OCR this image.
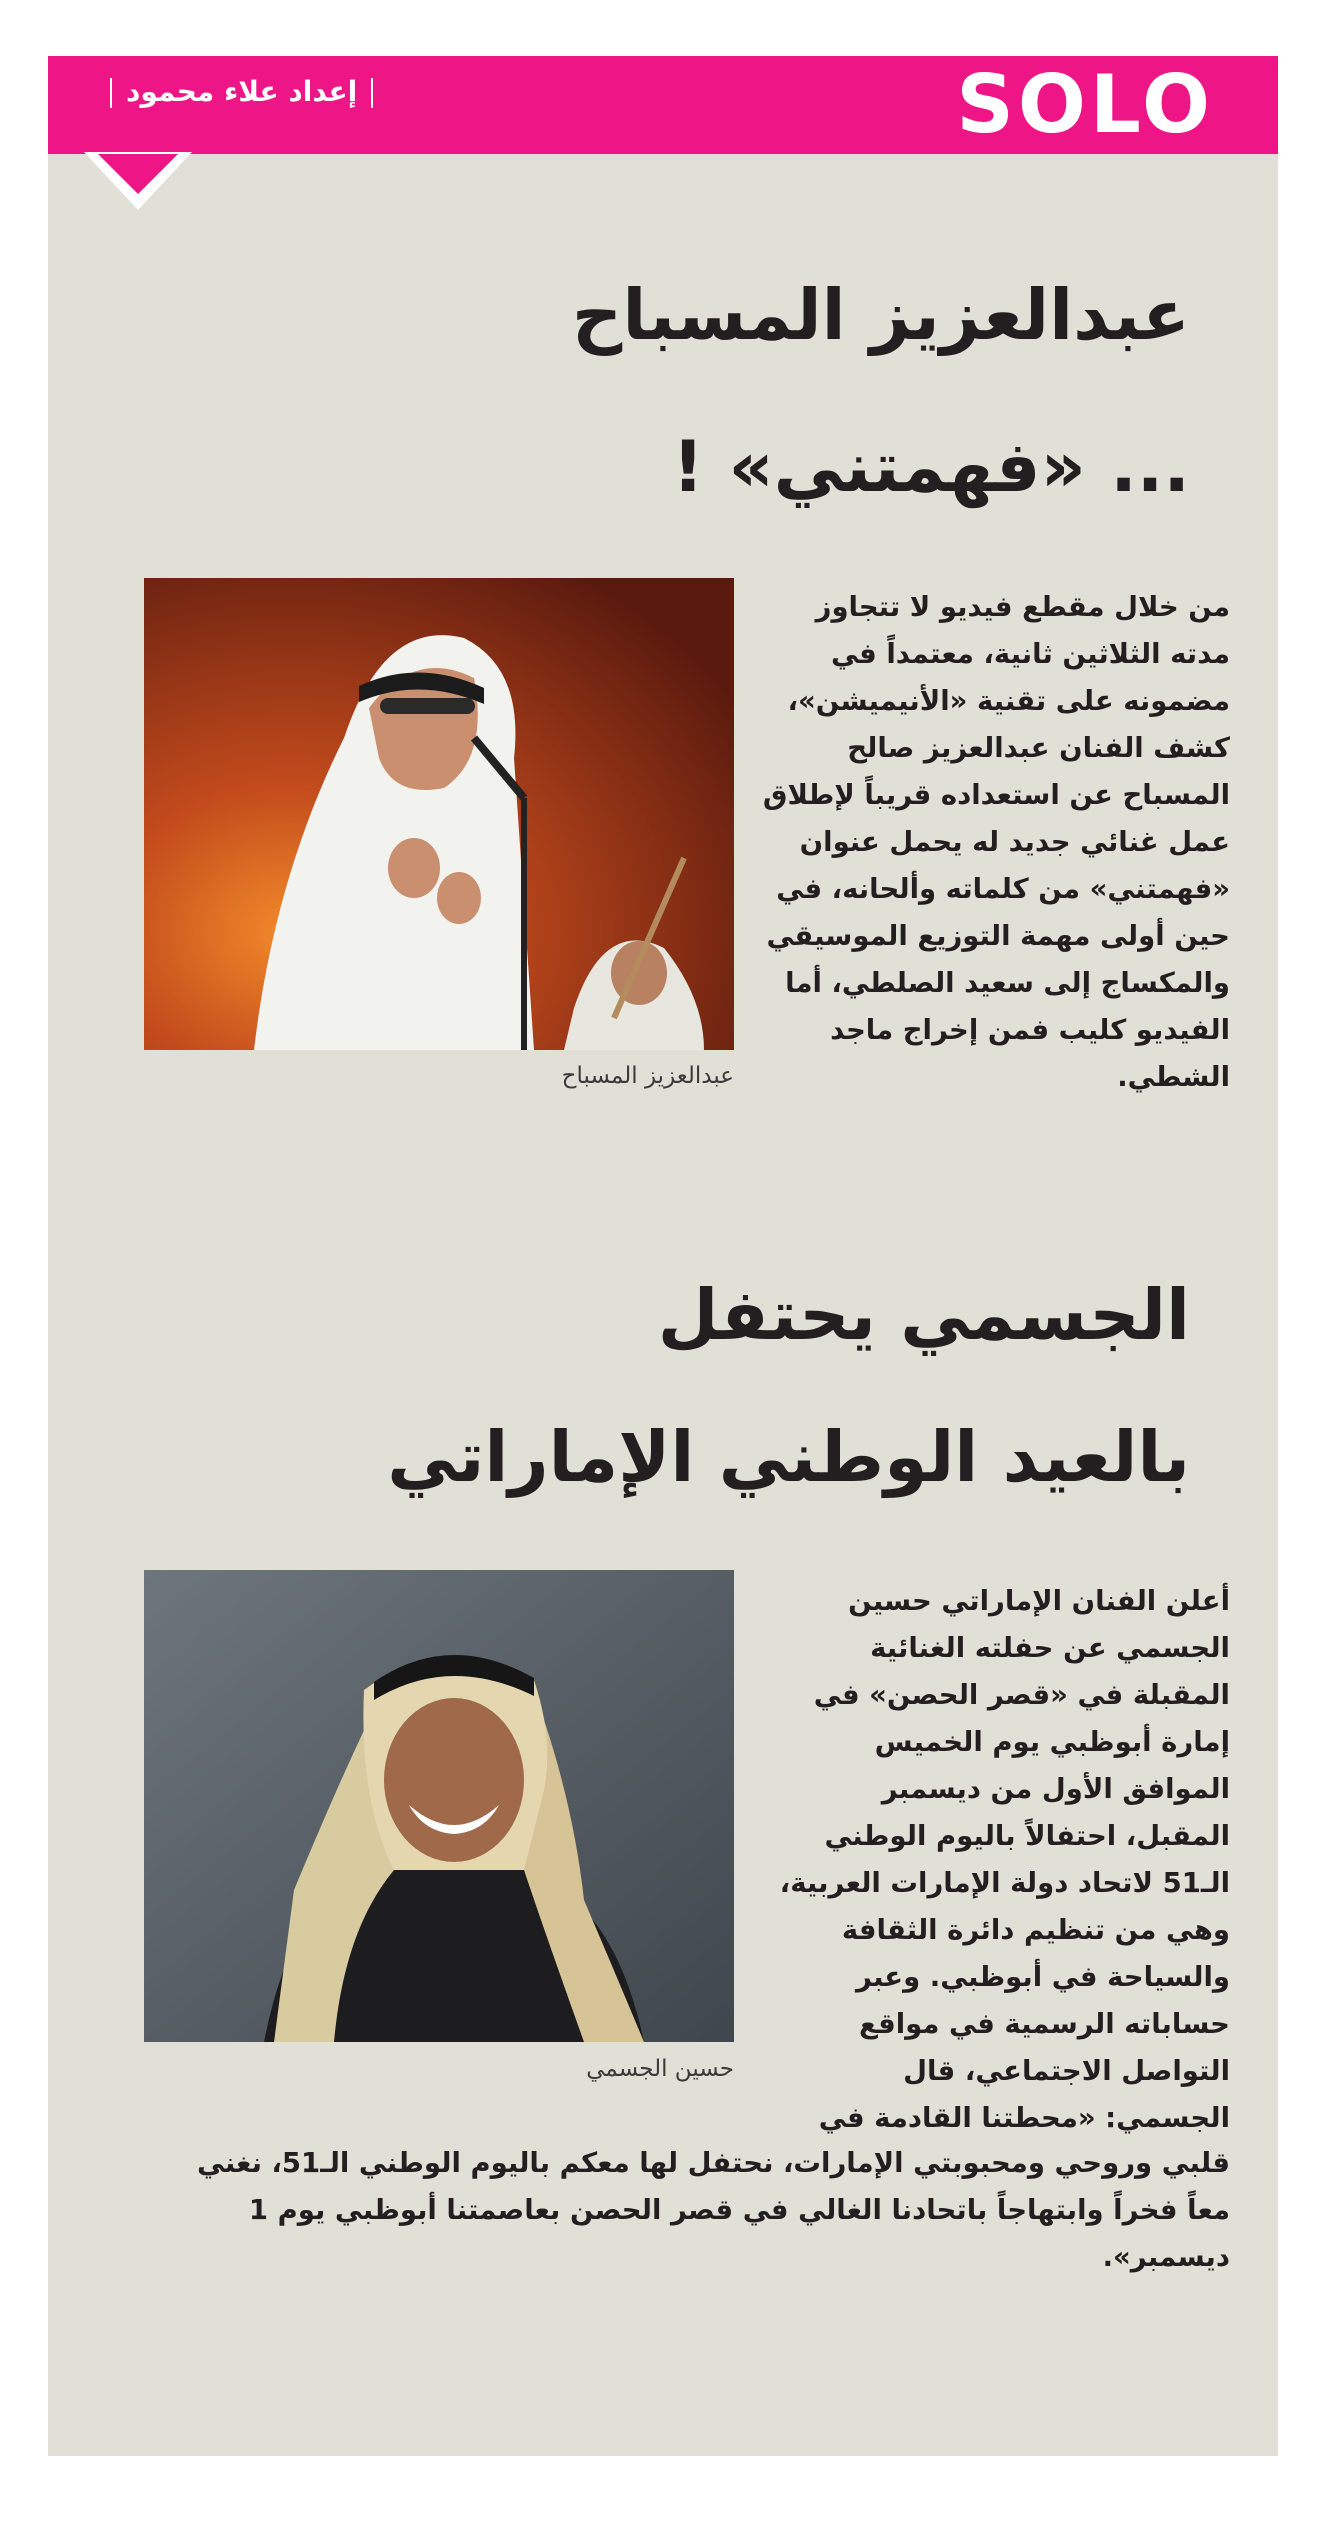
SOLO
إعداد علاء محمود
عبدالعزيز المسباح
... «فهمتني» !
من خلال مقطع فيديو لا تتجاوز مدته الثلاثين ثانية، معتمداً في مضمونه على تقنية «الأنيميشن»، كشف الفنان عبدالعزيز صالح المسباح عن استعداده قريباً لإطلاق عمل غنائي جديد له يحمل عنوان «فهمتني» من كلماته وألحانه، في حين أولى مهمة التوزيع الموسيقي والمكساج إلى سعيد الصلطي، أما الفيديو كليب فمن إخراج ماجد الشطي.
عبدالعزيز المسباح
الجسمي يحتفل
بالعيد الوطني الإماراتي
حسين الجسمي
أعلن الفنان الإماراتي حسين الجسمي عن حفلته الغنائية المقبلة في «قصر الحصن» في إمارة أبوظبي يوم الخميس الموافق الأول من ديسمبر المقبل، احتفالاً باليوم الوطني الـ51 لاتحاد دولة الإمارات العربية، وهي من تنظيم دائرة الثقافة والسياحة في أبوظبي. وعبر حساباته الرسمية في مواقع التواصل الاجتماعي، قال الجسمي: «محطتنا القادمة في
قلبي وروحي ومحبوبتي الإمارات، نحتفل لها معكم باليوم الوطني الـ51، نغني معاً فخراً وابتهاجاً باتحادنا الغالي في قصر الحصن بعاصمتنا أبوظبي يوم 1 ديسمبر».
